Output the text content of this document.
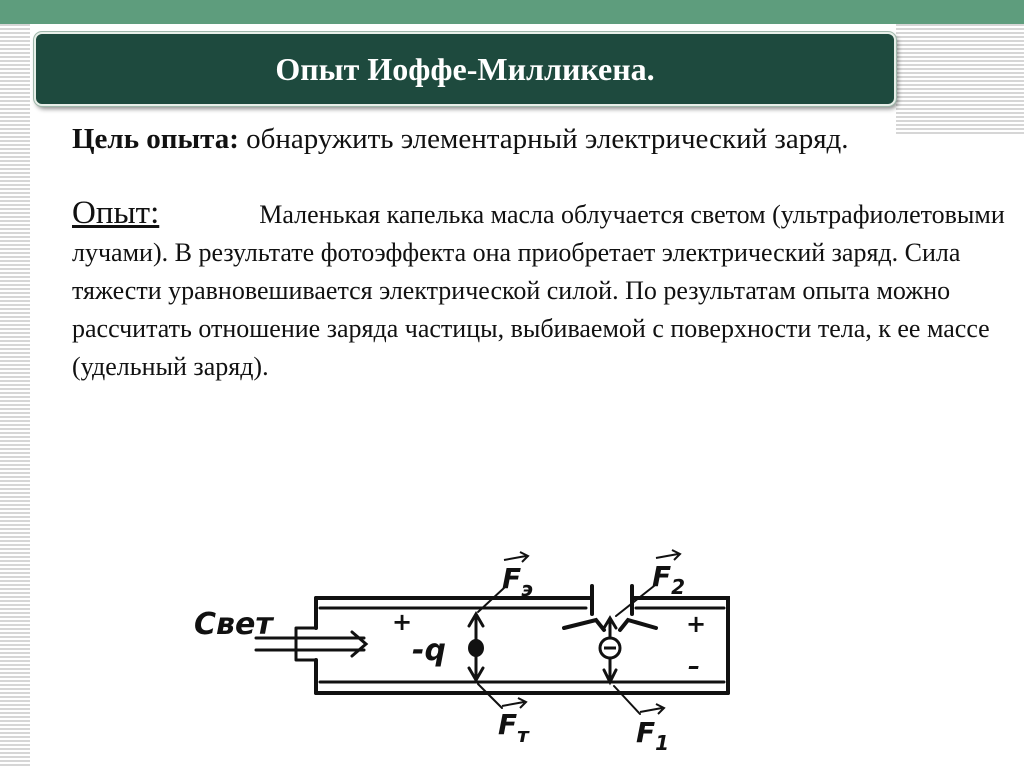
Опыт Иоффе-Милликена.

Цель опыта: обнаружить элементарный электрический заряд.

Опыт:	Маленькая капелька масла облучается светом (ультрафиолетовыми лучами). В результате фотоэффекта она приобретает электрический заряд. Сила тяжести уравновешивается электрической силой. По результатам опыта можно рассчитать отношение заряда частицы, выбиваемой с поверхности тела, к ее массе (удельный заряд).

Свет
-q
$F_э$
$F_т$
$F_2$
$F_1$
+	+
–
